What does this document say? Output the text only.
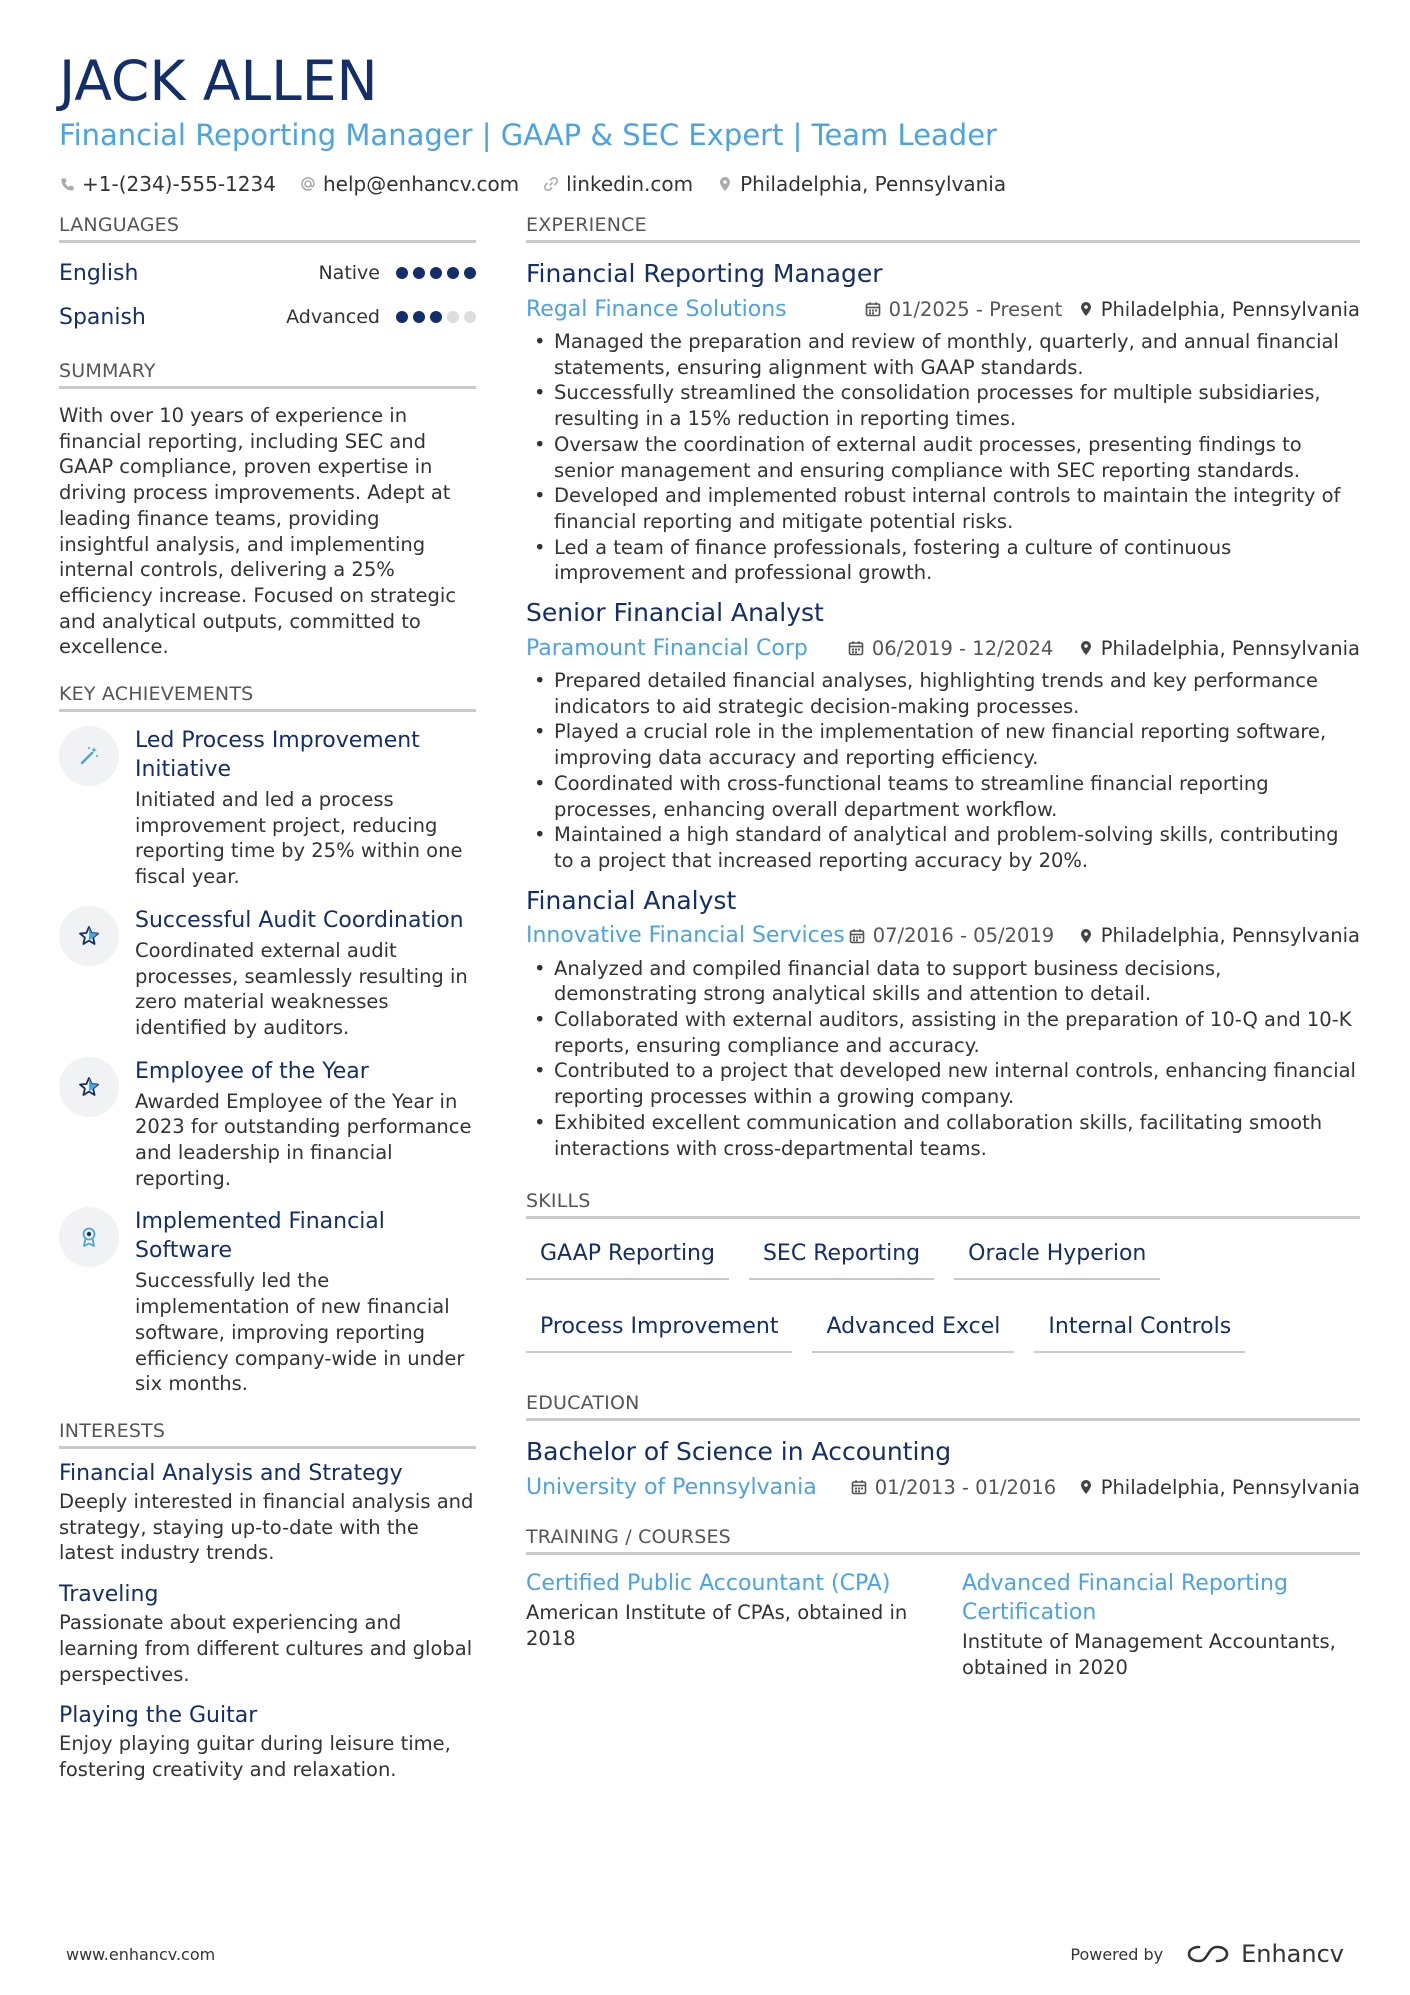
JACK ALLEN
Financial Reporting Manager | GAAP & SEC Expert | Team Leader
+1-(234)-555-1234 help@enhancv.com linkedin.com Philadelphia, Pennsylvania
LANGUAGES
English	Native
Spanish	Advanced
SUMMARY
With over 10 years of experience in financial reporting, including SEC and GAAP compliance, proven expertise in driving process improvements. Adept at leading finance teams, providing insightful analysis, and implementing internal controls, delivering a 25% efficiency increase. Focused on strategic and analytical outputs, committed to excellence.
KEY ACHIEVEMENTS
Led Process Improvement Initiative
Initiated and led a process improvement project, reducing reporting time by 25% within one fiscal year.
Successful Audit Coordination
Coordinated external audit processes, seamlessly resulting in zero material weaknesses identified by auditors.
Employee of the Year
Awarded Employee of the Year in 2023 for outstanding performance and leadership in financial reporting.
Implemented Financial Software
Successfully led the implementation of new financial software, improving reporting efficiency company-wide in under six months.
INTERESTS
Financial Analysis and Strategy
Deeply interested in financial analysis and strategy, staying up-to-date with the latest industry trends.
Traveling
Passionate about experiencing and learning from different cultures and global perspectives.
Playing the Guitar
Enjoy playing guitar during leisure time, fostering creativity and relaxation.
EXPERIENCE
Financial Reporting Manager
Regal Finance Solutions	01/2025 - Present Philadelphia, Pennsylvania
• Managed the preparation and review of monthly, quarterly, and annual financial statements, ensuring alignment with GAAP standards.
• Successfully streamlined the consolidation processes for multiple subsidiaries, resulting in a 15% reduction in reporting times.
• Oversaw the coordination of external audit processes, presenting findings to senior management and ensuring compliance with SEC reporting standards.
• Developed and implemented robust internal controls to maintain the integrity of financial reporting and mitigate potential risks.
• Led a team of finance professionals, fostering a culture of continuous improvement and professional growth.
Senior Financial Analyst
Paramount Financial Corp	06/2019 - 12/2024 Philadelphia, Pennsylvania
• Prepared detailed financial analyses, highlighting trends and key performance indicators to aid strategic decision-making processes.
• Played a crucial role in the implementation of new financial reporting software, improving data accuracy and reporting efficiency.
• Coordinated with cross-functional teams to streamline financial reporting processes, enhancing overall department workflow.
• Maintained a high standard of analytical and problem-solving skills, contributing to a project that increased reporting accuracy by 20%.
Financial Analyst
Innovative Financial Services 07/2016 - 05/2019 Philadelphia, Pennsylvania
• Analyzed and compiled financial data to support business decisions, demonstrating strong analytical skills and attention to detail.
• Collaborated with external auditors, assisting in the preparation of 10-Q and 10-K reports, ensuring compliance and accuracy.
• Contributed to a project that developed new internal controls, enhancing financial reporting processes within a growing company.
• Exhibited excellent communication and collaboration skills, facilitating smooth interactions with cross-departmental teams.
SKILLS
GAAP Reporting	SEC Reporting	Oracle Hyperion
Process Improvement	Advanced Excel	Internal Controls
EDUCATION
Bachelor of Science in Accounting
University of Pennsylvania	01/2013 - 01/2016 Philadelphia, Pennsylvania
TRAINING / COURSES
Certified Public Accountant (CPA)
American Institute of CPAs, obtained in 2018
Advanced Financial Reporting Certification
Institute of Management Accountants, obtained in 2020
www.enhancv.com	Powered by	Enhancv
